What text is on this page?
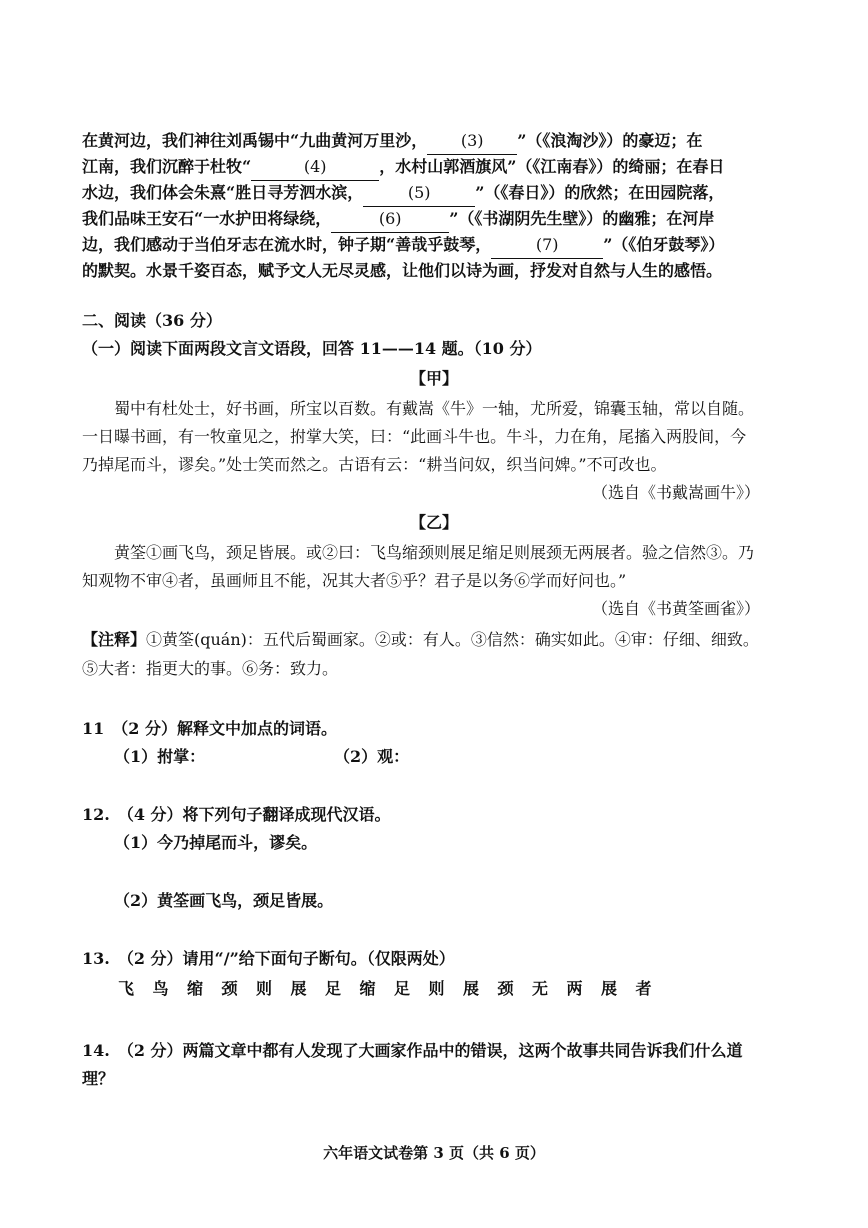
在黄河边，我们神往刘禹锡中“九曲黄河万里沙， (3) ”（《浪淘沙》）的豪迈；在
江南，我们沉醉于杜牧“	(4)	，水村山郭酒旗风”（《江南春》）的绮丽；在春日
水边，我们体会朱熹“胜日寻芳泗水滨，	(5)	”（《春日》）的欣然；在田园院落，
我们品味王安石“一水护田将绿绕，	(6)	”（《书湖阴先生壁》）的幽雅；在河岸
边，我们感动于当伯牙志在流水时，钟子期“善哉乎鼓琴，	(7)	”（《伯牙鼓琴》）
的默契。水景千姿百态，赋予文人无尽灵感，让他们以诗为画，抒发对自然与人生的感悟。
二、阅读（36 分）
（一）阅读下面两段文言文语段，回答 11——14 题。（10 分）
【甲】
蜀中有杜处士，好书画，所宝以百数。有戴嵩《牛》一轴，尤所爱，锦囊玉轴，常以自随。
一日曝书画，有一牧童见之，拊掌大笑，曰：“此画斗牛也。牛斗，力在角，尾搐入两股间，今
乃掉尾而斗，谬矣。”处士笑而然之。古语有云：“耕当问奴，织当问婢。”不可改也。
（选自《书戴嵩画牛》）
【乙】
黄筌①画飞鸟，颈足皆展。或②曰：飞鸟缩颈则展足缩足则展颈无两展者。验之信然③。乃
知观物不审④者，虽画师且不能，况其大者⑤乎？君子是以务⑥学而好问也。”
（选自《书黄筌画雀》）
【注释】①黄筌(quán)：五代后蜀画家。②或：有人。③信然：确实如此。④审：仔细、细致。
⑤大者：指更大的事。⑥务：致力。
11　（2 分）解释文中加点的词语。
（1）拊掌：	（2）观：
12.　（4 分）将下列句子翻译成现代汉语。
（1）今乃掉尾而斗，谬矣。
（2）黄筌画飞鸟，颈足皆展。
13.　（2 分）请用“/”给下面句子断句。（仅限两处）
飞 鸟 缩 颈 则 展 足 缩 足 则 展 颈 无 两 展 者
14.　（2 分）两篇文章中都有人发现了大画家作品中的错误，这两个故事共同告诉我们什么道
理？
六年语文试卷第 3 页（共 6 页）
